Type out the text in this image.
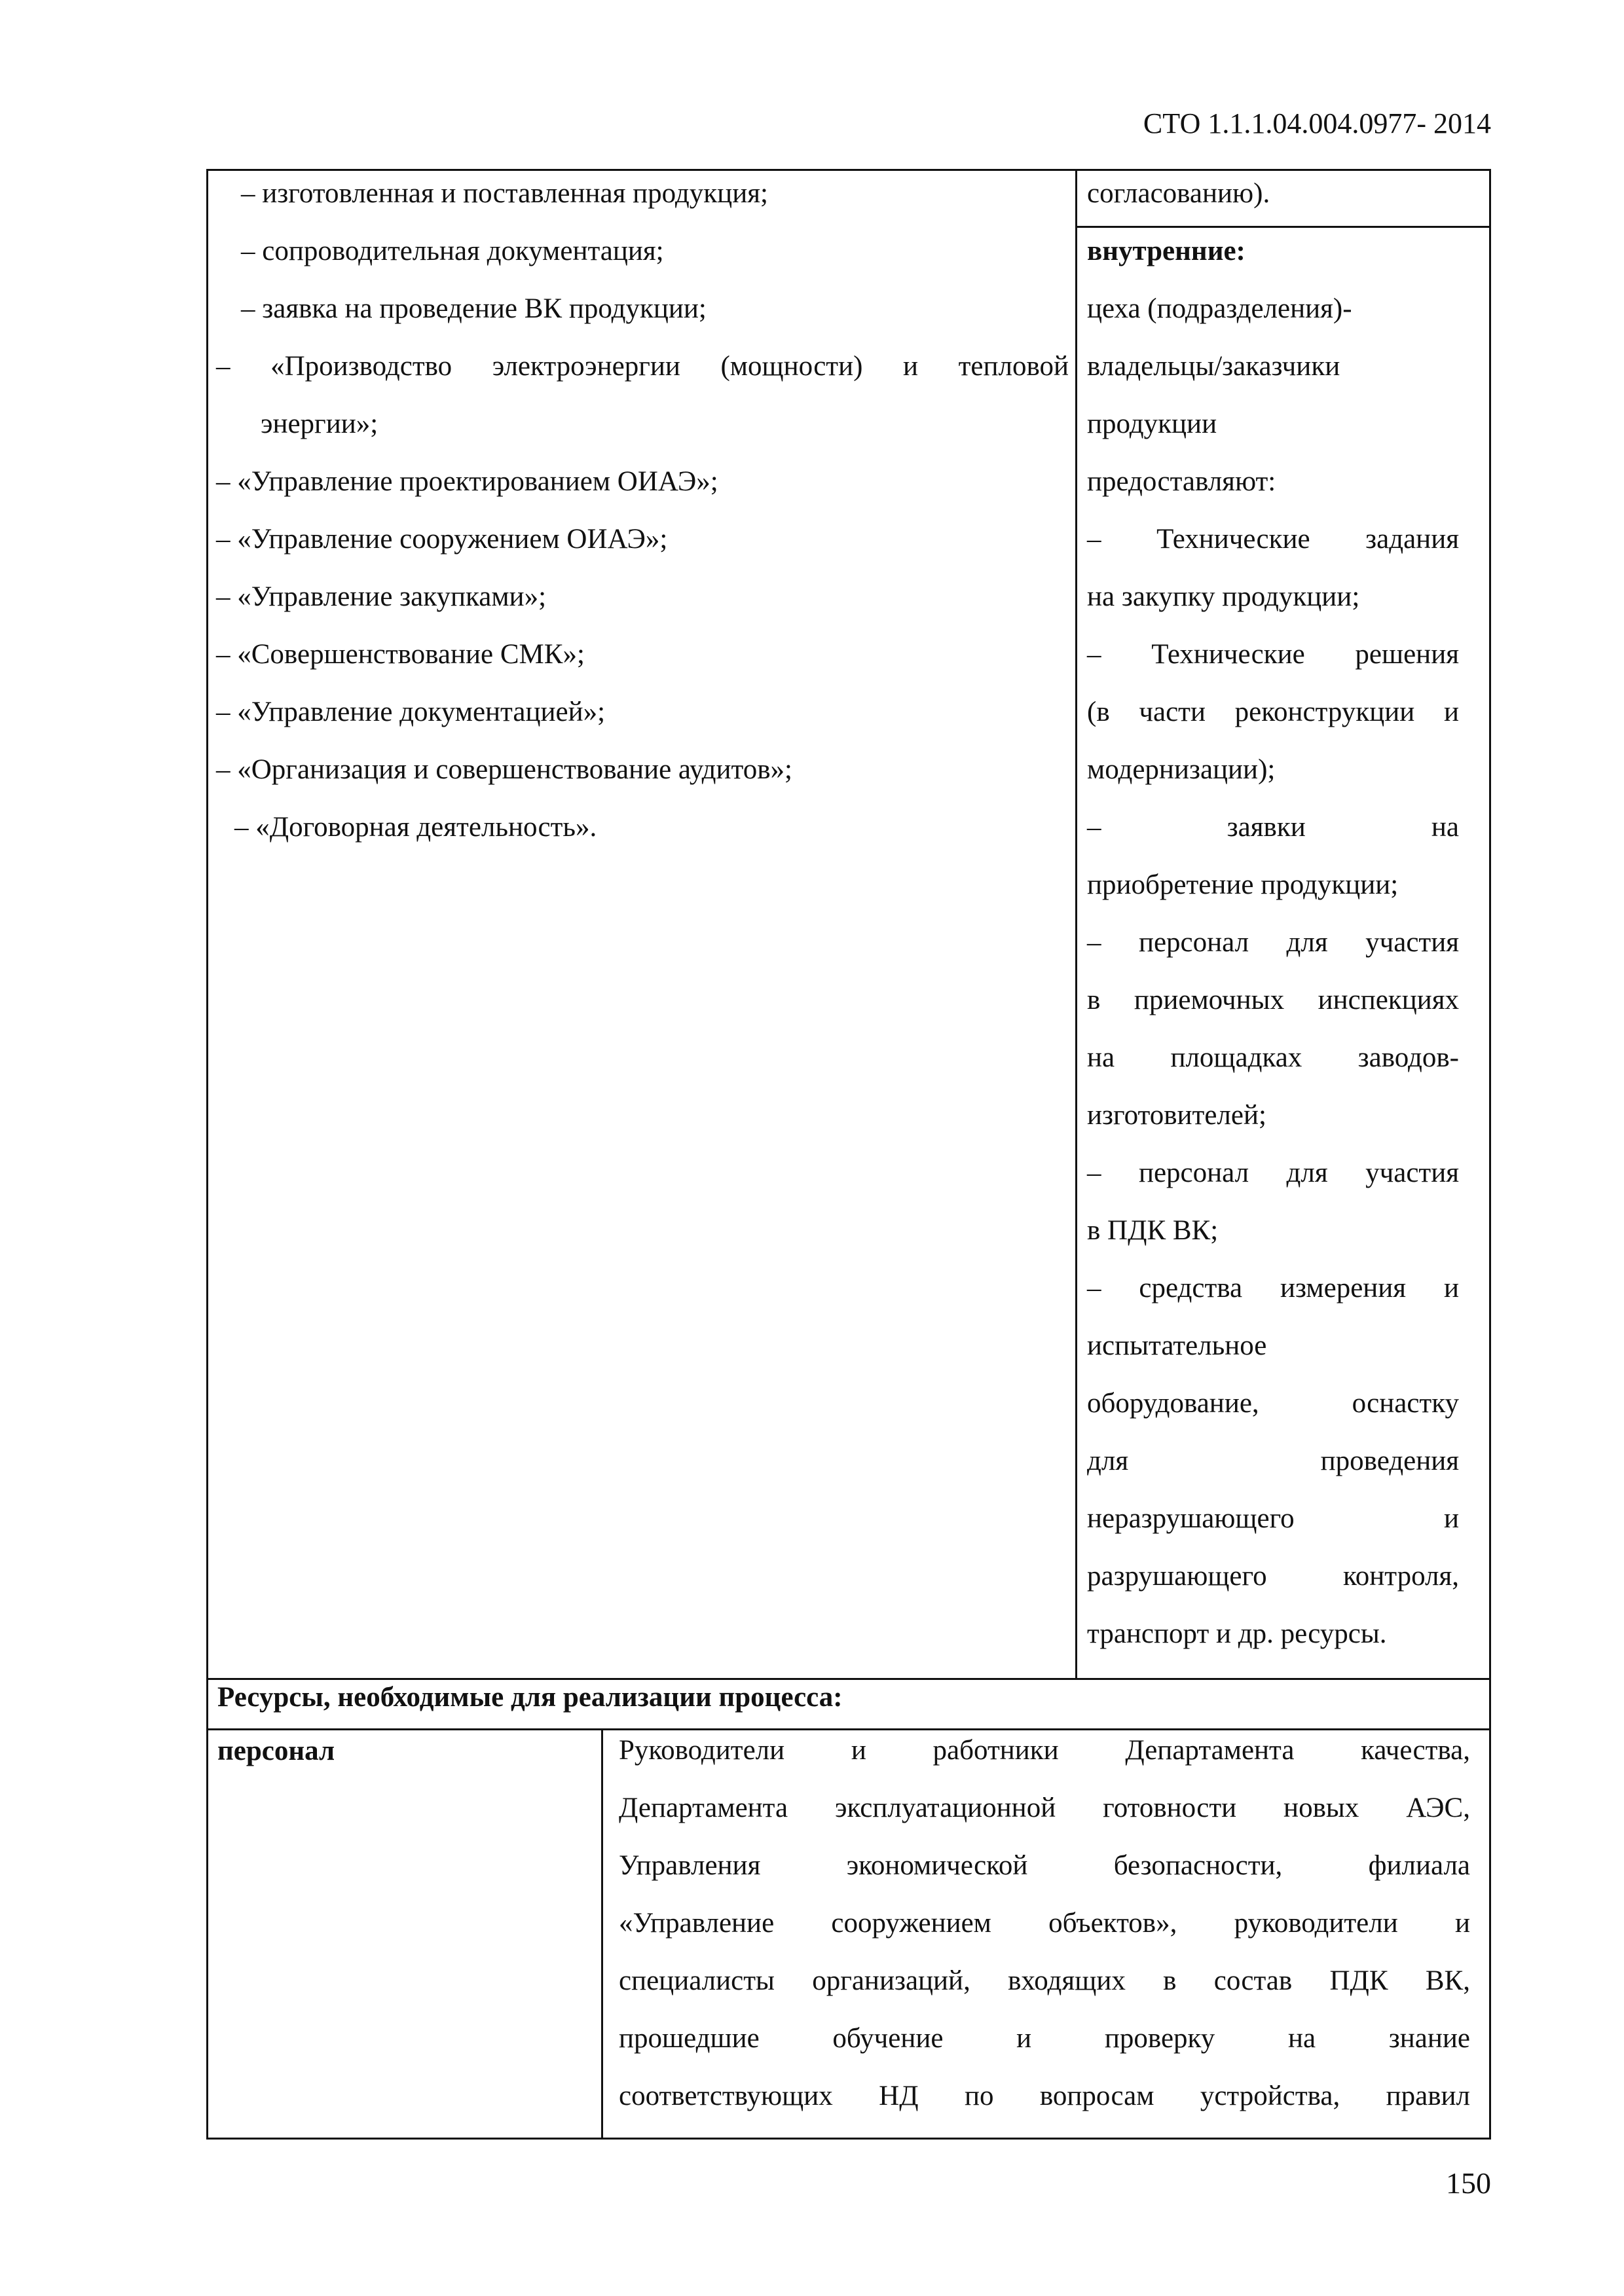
СТО 1.1.1.04.004.0977- 2014

– изготовленная и поставленная продукция;

– сопроводительная документация;

– заявка на проведение ВК продукции;

– «Производство электроэнергии (мощности) и тепловой

энергии»;

– «Управление проектированием ОИАЭ»;

– «Управление сооружением ОИАЭ»;

– «Управление закупками»;

– «Совершенствование СМК»;

– «Управление документацией»;

– «Организация и совершенствование аудитов»;

– «Договорная деятельность».

согласованию).

внутренние:

цеха (подразделения)-

владельцы/заказчики

продукции

предоставляют:

– Технические задания

на закупку продукции;

– Технические решения

(в части реконструкции и

модернизации);

– заявки на

приобретение продукции;

– персонал для участия

в приемочных инспекциях

на площадках заводов-

изготовителей;

– персонал для участия

в ПДК ВК;

– средства измерения и

испытательное

оборудование, оснастку

для проведения

неразрушающего и

разрушающего контроля,

транспорт и др. ресурсы.

Ресурсы, необходимые для реализации процесса:
персонал	Руководители и работники Департамента качества,

Департамента эксплуатационной готовности новых АЭС,

Управления экономической безопасности, филиала

«Управление сооружением объектов», руководители и

специалисты организаций, входящих в состав ПДК ВК,

прошедшие обучение и проверку на знание

соответствующих НД по вопросам устройства, правил

150
